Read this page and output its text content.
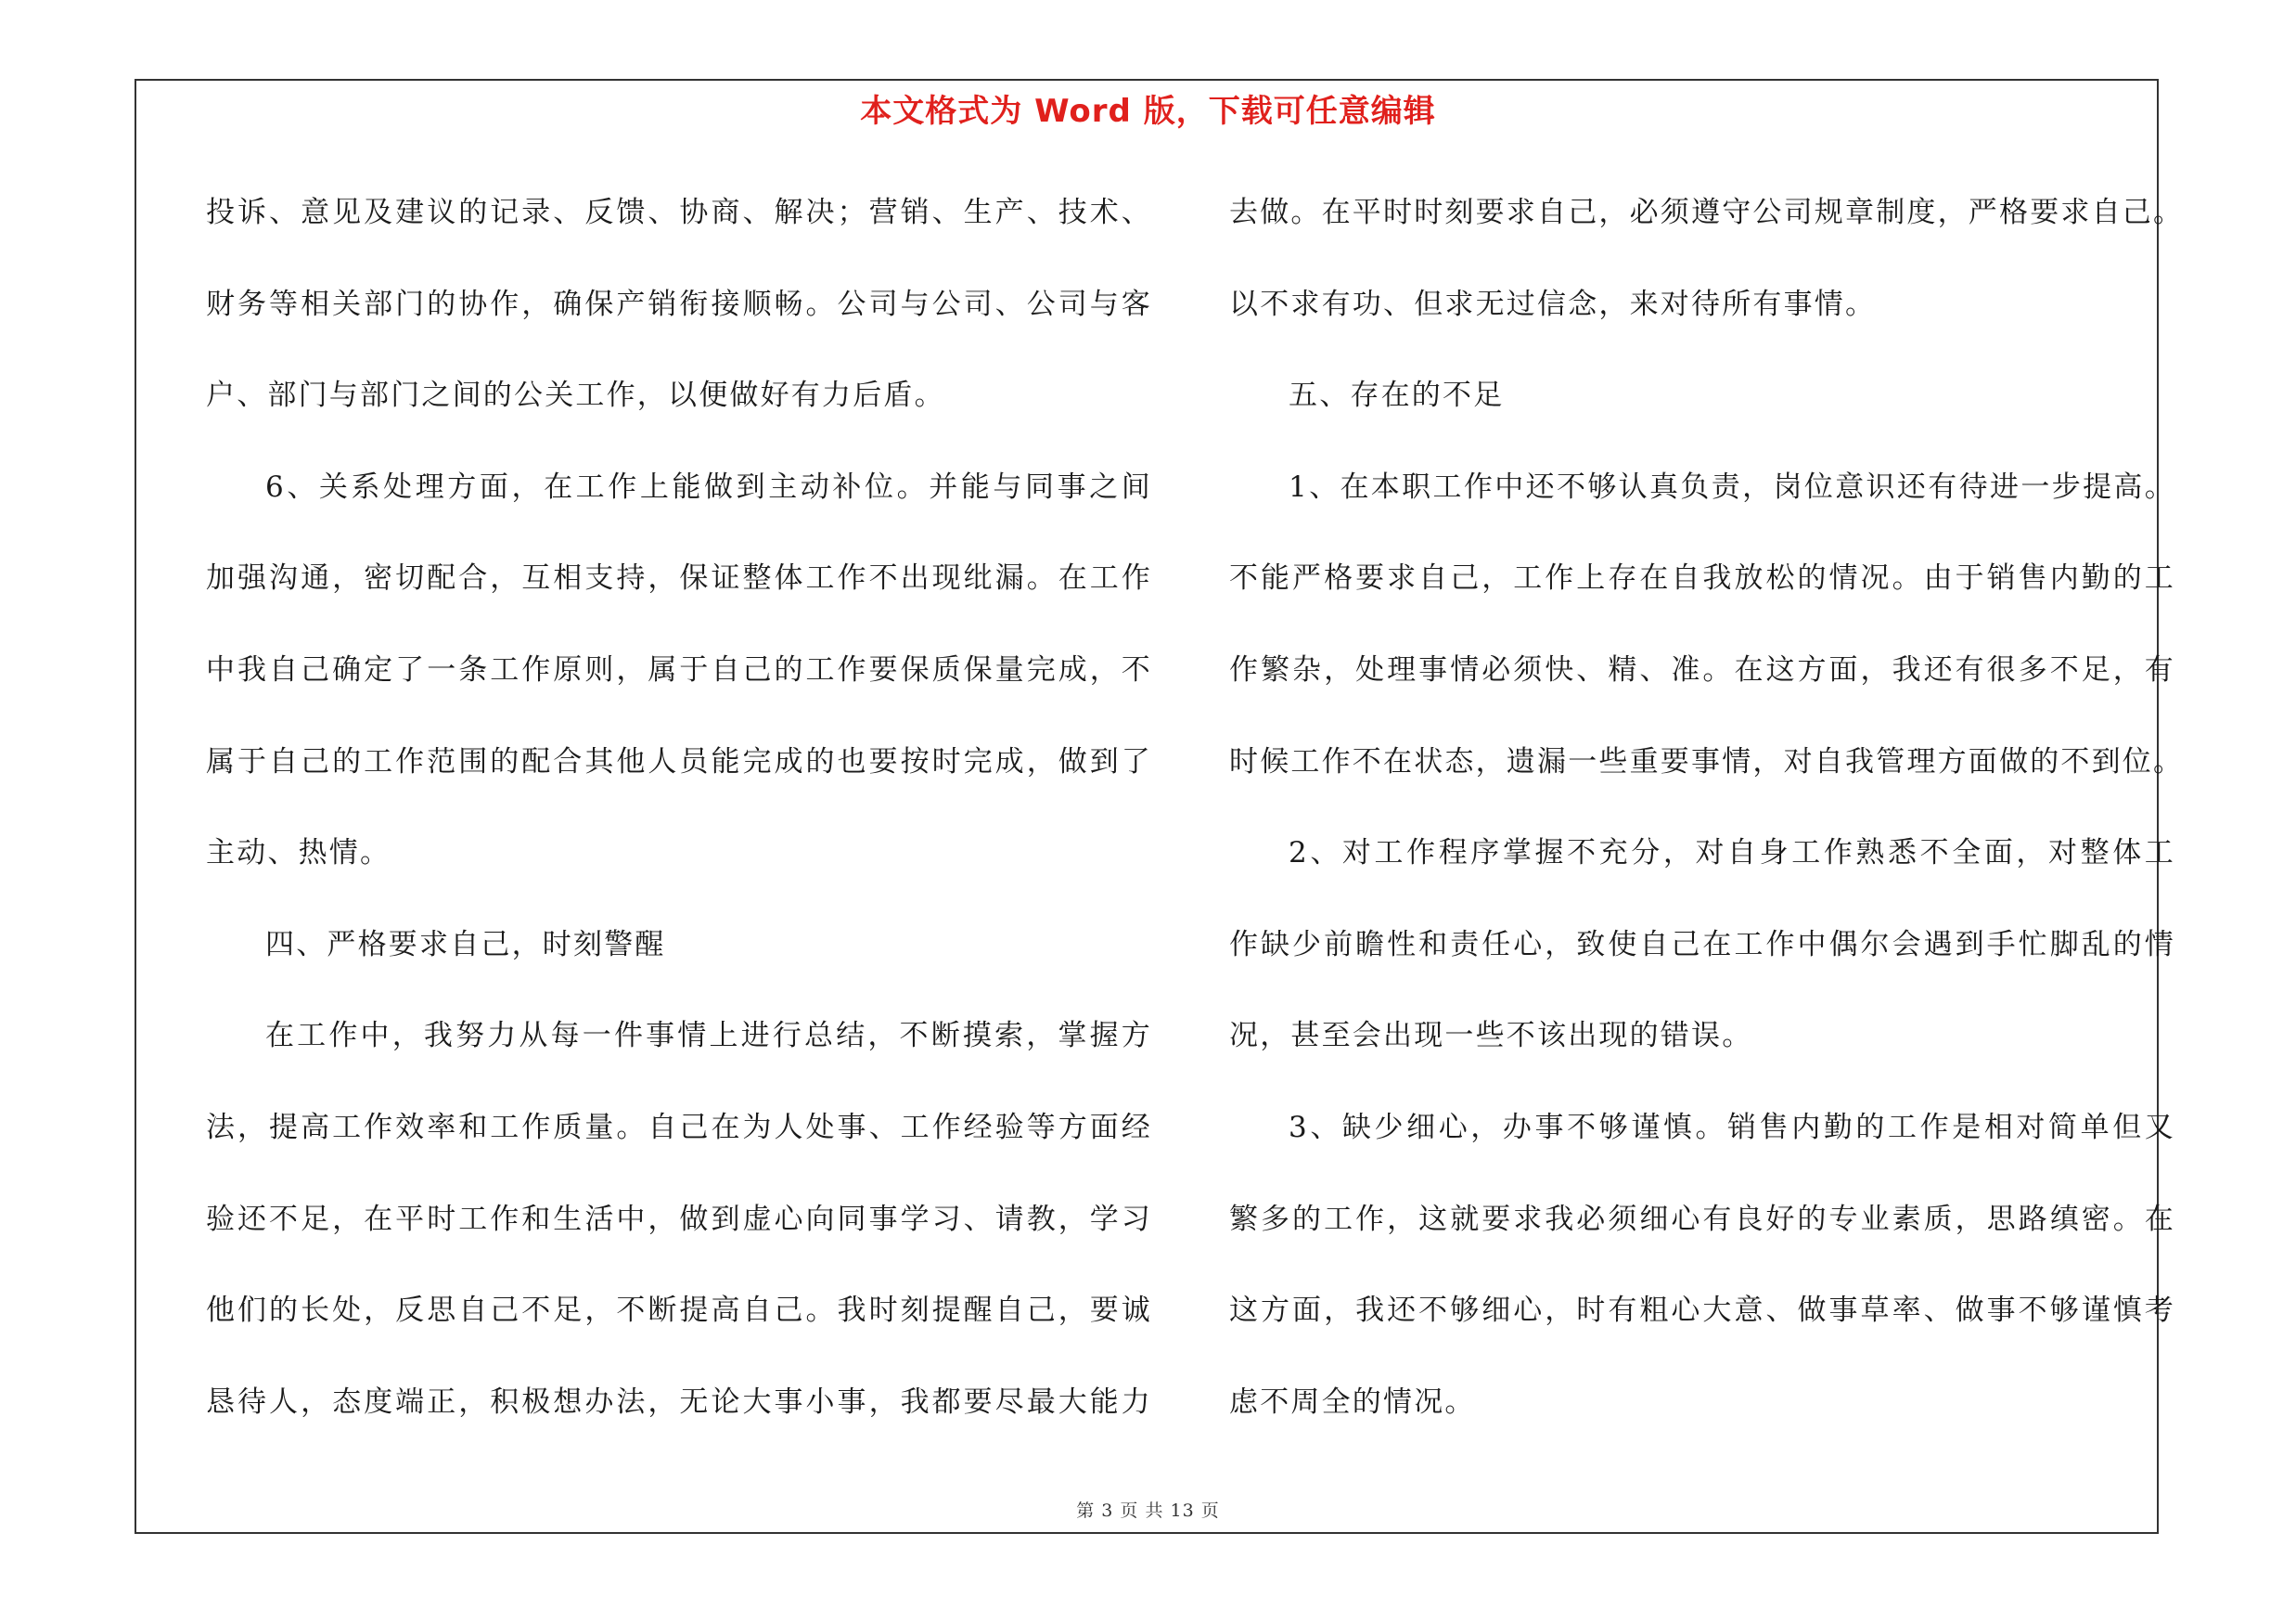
本文格式为 Word 版，下载可任意编辑
投诉、意见及建议的记录、反馈、协商、解决；营销、生产、技术、
财务等相关部门的协作，确保产销衔接顺畅。公司与公司、公司与客
户、部门与部门之间的公关工作，以便做好有力后盾。
6、关系处理方面，在工作上能做到主动补位。并能与同事之间
加强沟通，密切配合，互相支持，保证整体工作不出现纰漏。在工作
中我自己确定了一条工作原则，属于自己的工作要保质保量完成，不
属于自己的工作范围的配合其他人员能完成的也要按时完成，做到了
主动、热情。
四、严格要求自己，时刻警醒
在工作中，我努力从每一件事情上进行总结，不断摸索，掌握方
法，提高工作效率和工作质量。自己在为人处事、工作经验等方面经
验还不足，在平时工作和生活中，做到虚心向同事学习、请教，学习
他们的长处，反思自己不足，不断提高自己。我时刻提醒自己，要诚
恳待人，态度端正，积极想办法，无论大事小事，我都要尽最大能力
去做。在平时时刻要求自己，必须遵守公司规章制度，严格要求自己。
以不求有功、但求无过信念，来对待所有事情。
五、存在的不足
1、在本职工作中还不够认真负责，岗位意识还有待进一步提高。
不能严格要求自己，工作上存在自我放松的情况。由于销售内勤的工
作繁杂，处理事情必须快、精、准。在这方面，我还有很多不足，有
时候工作不在状态，遗漏一些重要事情，对自我管理方面做的不到位。
2、对工作程序掌握不充分，对自身工作熟悉不全面，对整体工
作缺少前瞻性和责任心，致使自己在工作中偶尔会遇到手忙脚乱的情
况，甚至会出现一些不该出现的错误。
3、缺少细心，办事不够谨慎。销售内勤的工作是相对简单但又
繁多的工作，这就要求我必须细心有良好的专业素质，思路缜密。在
这方面，我还不够细心，时有粗心大意、做事草率、做事不够谨慎考
虑不周全的情况。
第 3 页 共 13 页
